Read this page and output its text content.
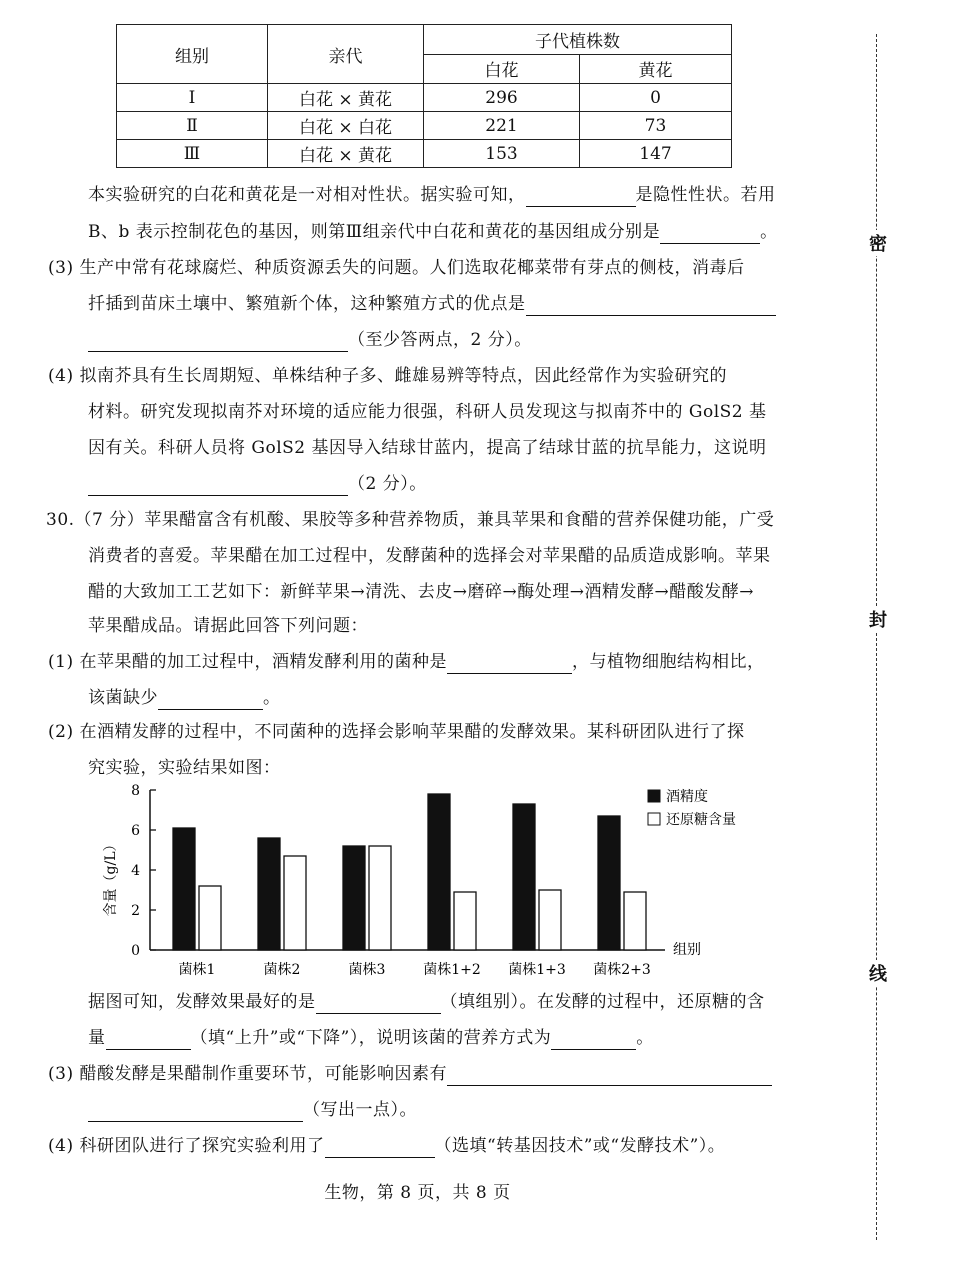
组别	亲代	子代植株数	
		白花	黄花
Ⅰ	白花 × 黄花	296	0
Ⅱ	白花 × 白花	221	73
Ⅲ	白花 × 黄花	153	147
本实验研究的白花和黄花是一对相对性状。据实验可知，	是隐性性状。若用
B、b 表示控制花色的基因，则第Ⅲ组亲代中白花和黄花的基因组成分别是	。
(3) 生产中常有花球腐烂、种质资源丢失的问题。人们选取花椰菜带有芽点的侧枝，消毒后
扦插到苗床土壤中、繁殖新个体，这种繁殖方式的优点是
（至少答两点，2 分）。
(4) 拟南芥具有生长周期短、单株结种子多、雌雄易辨等特点，因此经常作为实验研究的
材料。研究发现拟南芥对环境的适应能力很强，科研人员发现这与拟南芥中的 GolS2 基
因有关。科研人员将 GolS2 基因导入结球甘蓝内，提高了结球甘蓝的抗旱能力，这说明
（2 分）。
30.（7 分）苹果醋富含有机酸、果胶等多种营养物质，兼具苹果和食醋的营养保健功能，广受
消费者的喜爱。苹果醋在加工过程中，发酵菌种的选择会对苹果醋的品质造成影响。苹果
醋的大致加工工艺如下：新鲜苹果→清洗、去皮→磨碎→酶处理→酒精发酵→醋酸发酵→
苹果醋成品。请据此回答下列问题：
(1) 在苹果醋的加工过程中，酒精发酵利用的菌种是	，与植物细胞结构相比，
该菌缺少	。
(2) 在酒精发酵的过程中，不同菌种的选择会影响苹果醋的发酵效果。某科研团队进行了探
究实验，实验结果如图：
含量（g/L）
0
2
4
6
8
菌株1	菌株2	菌株3	菌株1+2 菌株1+3 菌株2+3
组别
酒精度
还原糖含量
据图可知，发酵效果最好的是	（填组别）。在发酵的过程中，还原糖的含
量	（填“上升”或“下降”），说明该菌的营养方式为	。
(3) 醋酸发酵是果醋制作重要环节，可能影响因素有
（写出一点）。
(4) 科研团队进行了探究实验利用了	（选填“转基因技术”或“发酵技术”）。
生物，第 8 页，共 8 页
密
封
线
